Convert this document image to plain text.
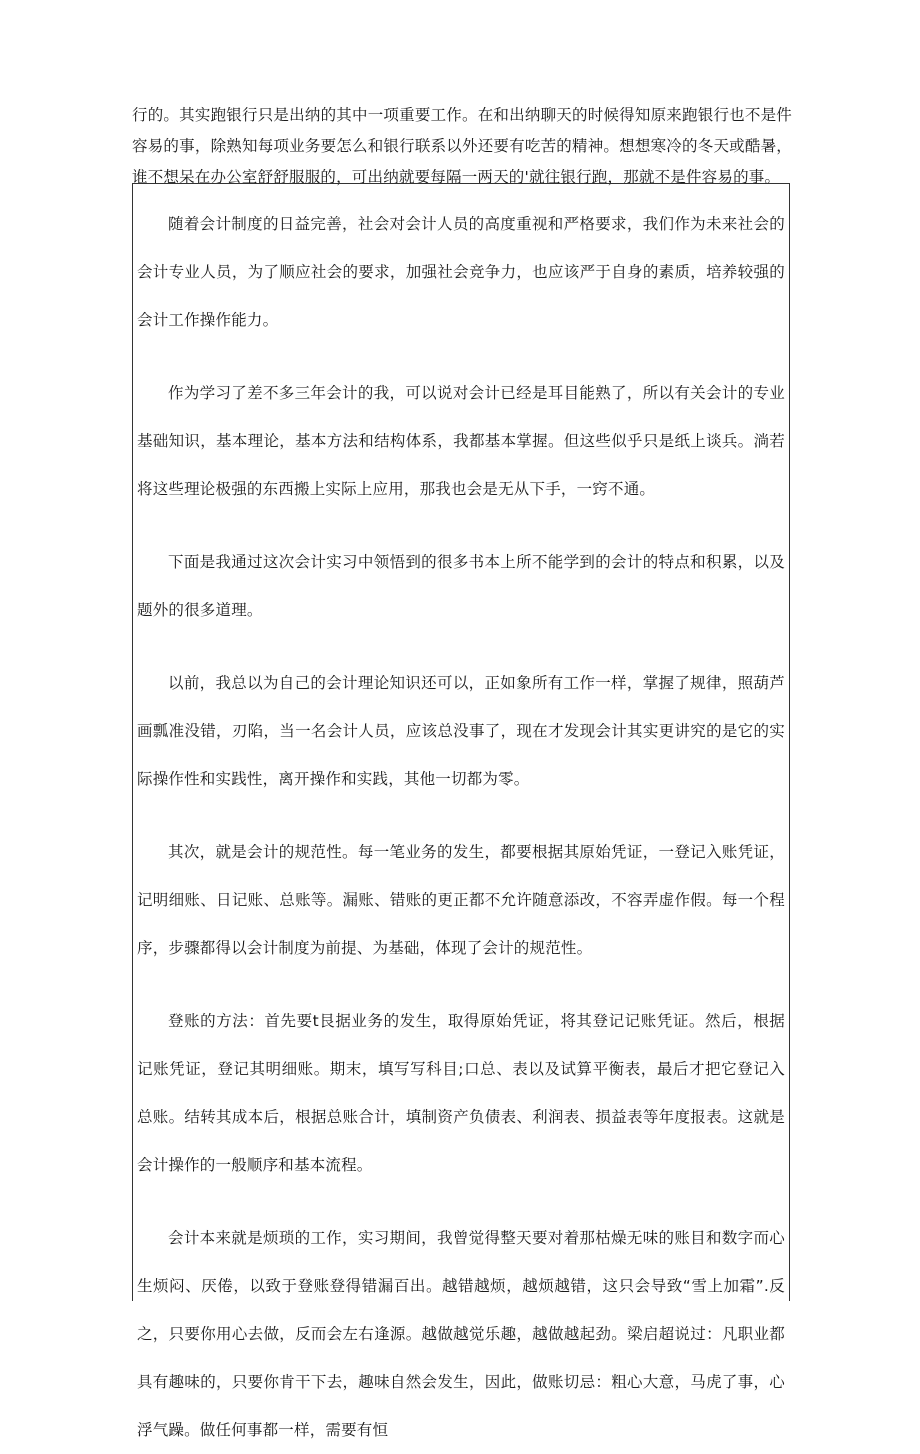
行的。其实跑银行只是出纳的其中一项重要工作。在和出纳聊天的时候得知原来跑银行也不是件容易的事，除熟知每项业务要怎么和银行联系以外还要有吃苦的精神。想想寒冷的冬天或酷暑，谁不想呆在办公室舒舒服服的，可出纳就要每隔一两天的'就往银行跑，那就不是件容易的事。

随着会计制度的日益完善，社会对会计人员的高度重视和严格要求，我们作为未来社会的会计专业人员，为了顺应社会的要求，加强社会竞争力，也应该严于自身的素质，培养较强的会计工作操作能力。

作为学习了差不多三年会计的我，可以说对会计已经是耳目能熟了，所以有关会计的专业基础知识，基本理论，基本方法和结构体系，我都基本掌握。但这些似乎只是纸上谈兵。淌若将这些理论极强的东西搬上实际上应用，那我也会是无从下手，一窍不通。

下面是我通过这次会计实习中领悟到的很多书本上所不能学到的会计的特点和积累，以及题外的很多道理。

以前，我总以为自己的会计理论知识还可以，正如象所有工作一样，掌握了规律，照葫芦画瓢准没错，刃陷，当一名会计人员，应该总没事了，现在才发现会计其实更讲究的是它的实际操作性和实践性，离开操作和实践，其他一切都为零。

其次，就是会计的规范性。每一笔业务的发生，都要根据其原始凭证，一登记入账凭证，记明细账、日记账、总账等。漏账、错账的更正都不允许随意添改，不容弄虚作假。每一个程序，步骤都得以会计制度为前提、为基础，体现了会计的规范性。

登账的方法：首先要t艮据业务的发生，取得原始凭证，将其登记记账凭证。然后，根据记账凭证，登记其明细账。期末，填写写科目;口总、表以及试算平衡表，最后才把它登记入总账。结转其成本后，根据总账合计，填制资产负债表、利润表、损益表等年度报表。这就是会计操作的一般顺序和基本流程。

会计本来就是烦琐的工作，实习期间，我曾觉得整天要对着那枯燥无味的账目和数字而心生烦闷、厌倦，以致于登账登得错漏百出。越错越烦，越烦越错，这只会导致“雪上加霜”.反之，只要你用心去做，反而会左右逢源。越做越觉乐趣，越做越起劲。梁启超说过：凡职业都具有趣味的，只要你肯干下去，趣味自然会发生，因此，做账切忌：粗心大意，马虎了事，心浮气躁。做任何事都一样，需要有恒
